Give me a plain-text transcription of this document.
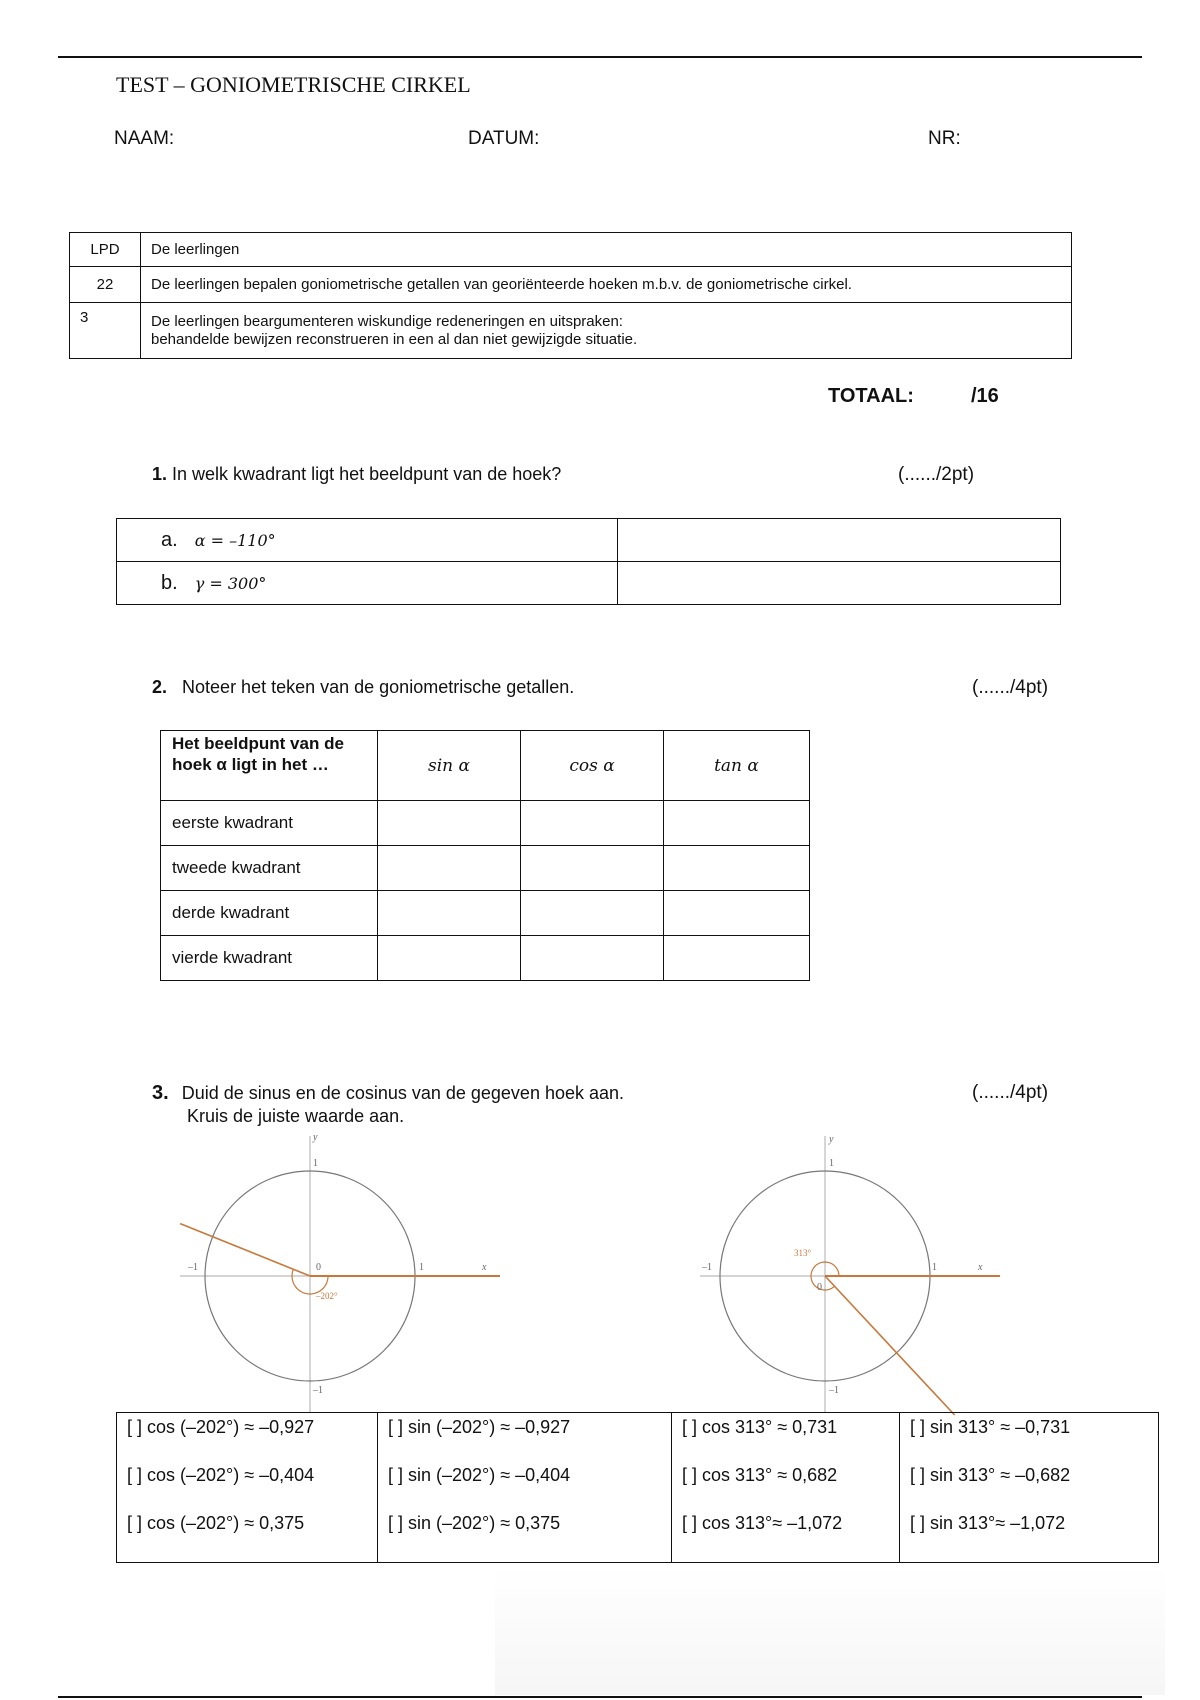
TEST – GONIOMETRISCHE CIRKEL
NAAM:	DATUM:	NR:
LPD	De leerlingen
22	De leerlingen bepalen goniometrische getallen van georiënteerde hoeken m.b.v. de goniometrische cirkel.
3	De leerlingen beargumenteren wiskundige redeneringen en uitspraken:
behandelde bewijzen reconstrueren in een al dan niet gewijzigde situatie.
TOTAAL:	/16
1. In welk kwadrant ligt het beeldpunt van de hoek?	(....../2pt)
a. α = –110°	
b. γ = 300°	
2. Noteer het teken van de goniometrische getallen.	(....../4pt)
Het beeldpunt van de hoek α ligt in het …	sin α	cos α	tan α
eerste kwadrant			
tweede kwadrant			
derde kwadrant			
vierde kwadrant			
3. Duid de sinus en de cosinus van de gegeven hoek aan.
Kruis de juiste waarde aan.
(....../4pt)
y
1
–1	0	1	x
–202°
–1
y
1
–1
0
1	x
313°
–1
[ ] cos (–202°) ≈ –0,927
[ ] cos (–202°) ≈ –0,404
[ ] cos (–202°) ≈ 0,375

[ ] sin (–202°) ≈ –0,927
[ ] sin (–202°) ≈ –0,404
[ ] sin (–202°) ≈ 0,375

[ ] cos 313° ≈ 0,731
[ ] cos 313° ≈ 0,682
[ ] cos 313°≈ –1,072

[ ] sin 313° ≈ –0,731
[ ] sin 313° ≈ –0,682
[ ] sin 313°≈ –1,072
